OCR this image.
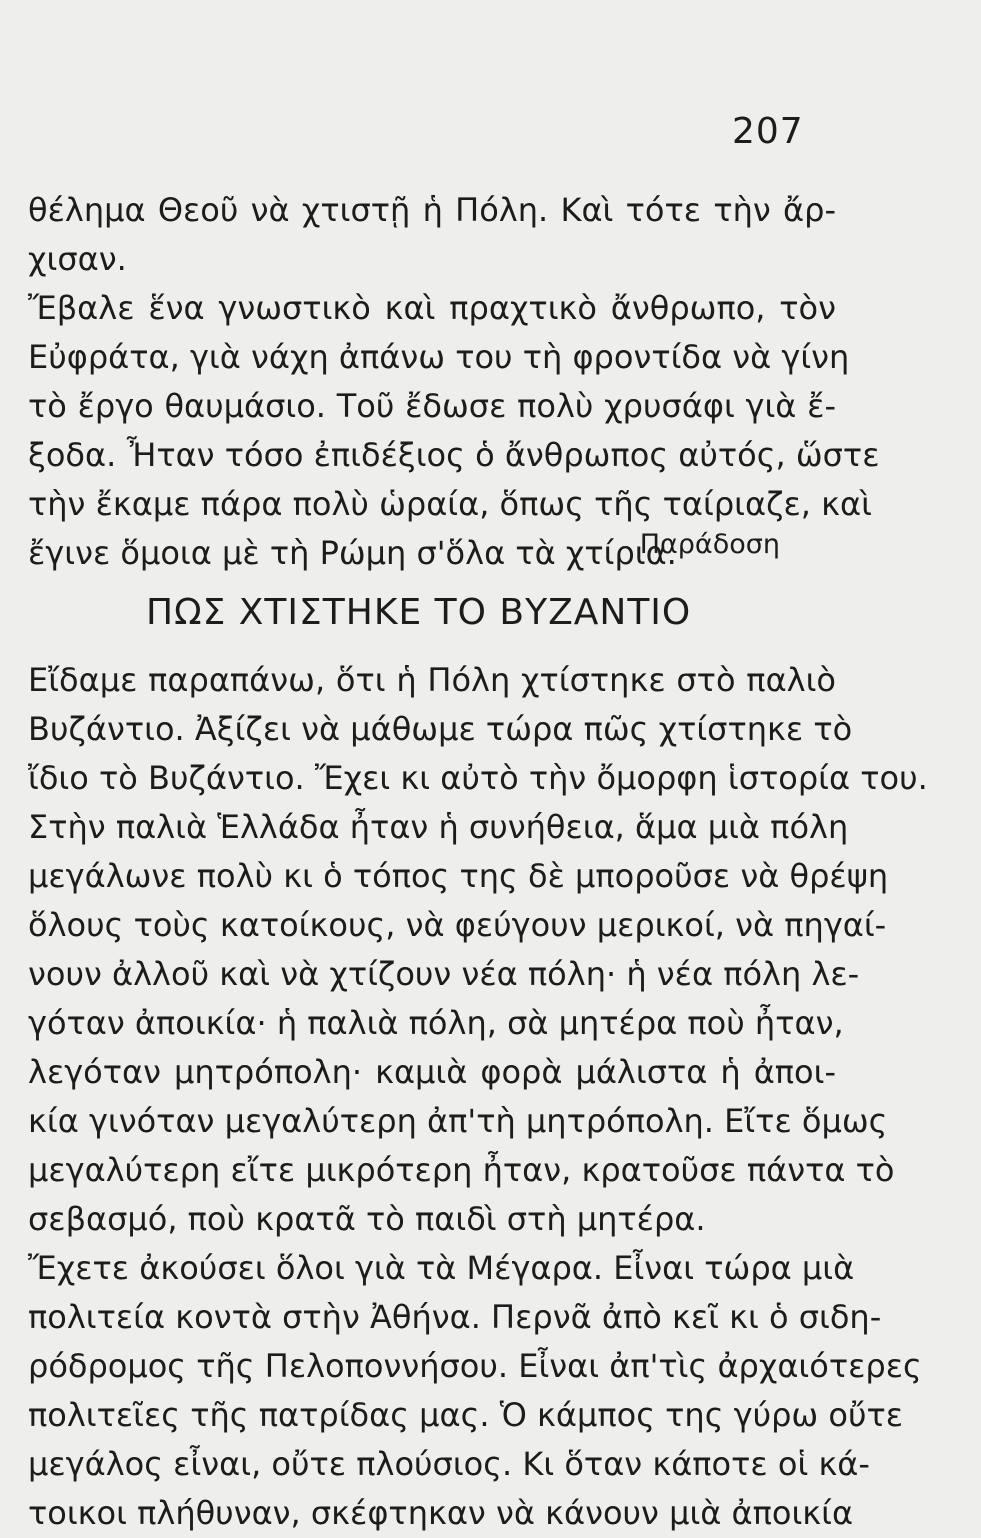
207
θέλημα Θεοῦ νὰ χτιστῇ ἡ Πόλη. Καὶ τότε τὴν ἄρ-
χισαν.
Ἔβαλε ἕνα γνωστικὸ καὶ πραχτικὸ ἄνθρωπο, τὸν
Εὐφράτα, γιὰ νάχη ἀπάνω του τὴ φροντίδα νὰ γίνη
τὸ ἔργο θαυμάσιο. Τοῦ ἔδωσε πολὺ χρυσάφι γιὰ ἔ-
ξοδα. Ἦταν τόσο ἐπιδέξιος ὁ ἄνθρωπος αὐτός, ὥστε
τὴν ἔκαμε πάρα πολὺ ὡραία, ὅπως τῆς ταίριαζε, καὶ
ἔγινε ὅμοια μὲ τὴ Ρώμη σ'ὅλα τὰ χτίρια.
Παράδοση
ΠΩΣ ΧΤΙΣΤΗΚΕ ΤΟ ΒΥΖΑΝΤΙΟ
Εἴδαμε παραπάνω, ὅτι ἡ Πόλη χτίστηκε στὸ παλιὸ
Βυζάντιο. Ἀξίζει νὰ μάθωμε τώρα πῶς χτίστηκε τὸ
ἴδιο τὸ Βυζάντιο. Ἔχει κι αὐτὸ τὴν ὄμορφη ἱστορία του.
Στὴν παλιὰ Ἑλλάδα ἦταν ἡ συνήθεια, ἅμα μιὰ πόλη
μεγάλωνε πολὺ κι ὁ τόπος της δὲ μποροῦσε νὰ θρέψη
ὅλους τοὺς κατοίκους, νὰ φεύγουν μερικοί, νὰ πηγαί-
νουν ἀλλοῦ καὶ νὰ χτίζουν νέα πόλη· ἡ νέα πόλη λε-
γόταν ἀποικία· ἡ παλιὰ πόλη, σὰ μητέρα ποὺ ἦταν,
λεγόταν μητρόπολη· καμιὰ φορὰ μάλιστα ἡ ἀποι-
κία γινόταν μεγαλύτερη ἀπ'τὴ μητρόπολη. Εἴτε ὅμως
μεγαλύτερη εἴτε μικρότερη ἦταν, κρατοῦσε πάντα τὸ
σεβασμό, ποὺ κρατᾶ τὸ παιδὶ στὴ μητέρα.
Ἔχετε ἀκούσει ὅλοι γιὰ τὰ Μέγαρα. Εἶναι τώρα μιὰ
πολιτεία κοντὰ στὴν Ἀθήνα. Περνᾶ ἀπὸ κεῖ κι ὁ σιδη-
ρόδρομος τῆς Πελοποννήσου. Εἶναι ἀπ'τὶς ἀρχαιότερες
πολιτεῖες τῆς πατρίδας μας. Ὁ κάμπος της γύρω οὔτε
μεγάλος εἶναι, οὔτε πλούσιος. Κι ὅταν κάποτε οἱ κά-
τοικοι πλήθυναν, σκέφτηκαν νὰ κάνουν μιὰ ἀποικία
